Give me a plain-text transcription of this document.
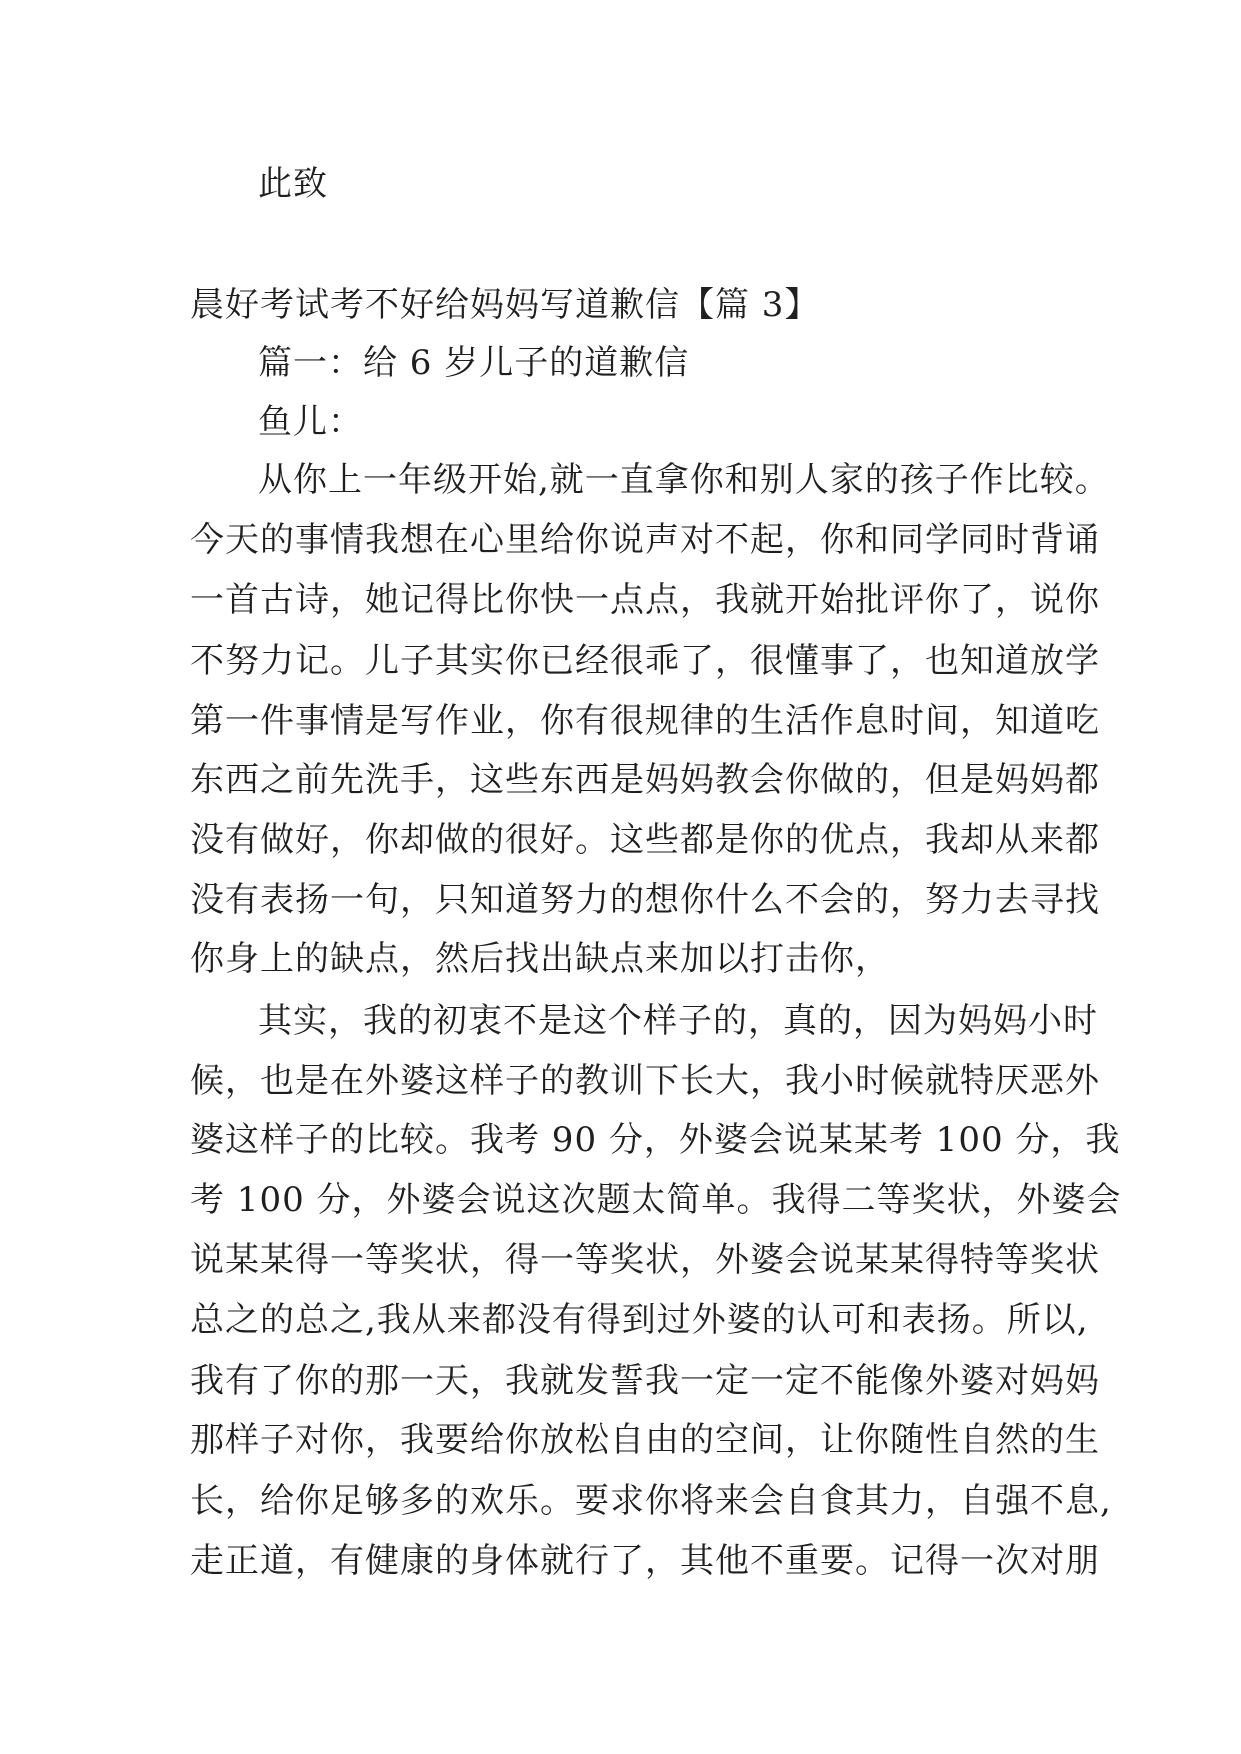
此致
晨好考试考不好给妈妈写道歉信【篇 3】
篇一：给 6 岁儿子的道歉信
鱼儿：
从你上一年级开始,就一直拿你和别人家的孩子作比较。
今天的事情我想在心里给你说声对不起，你和同学同时背诵
一首古诗，她记得比你快一点点，我就开始批评你了，说你
不努力记。儿子其实你已经很乖了，很懂事了，也知道放学
第一件事情是写作业，你有很规律的生活作息时间，知道吃
东西之前先洗手，这些东西是妈妈教会你做的，但是妈妈都
没有做好，你却做的很好。这些都是你的优点，我却从来都
没有表扬一句，只知道努力的想你什么不会的，努力去寻找
你身上的缺点，然后找出缺点来加以打击你，
其实，我的初衷不是这个样子的，真的，因为妈妈小时
候，也是在外婆这样子的教训下长大，我小时候就特厌恶外
婆这样子的比较。我考 90 分，外婆会说某某考 100 分，我
考 100 分，外婆会说这次题太简单。我得二等奖状，外婆会
说某某得一等奖状，得一等奖状，外婆会说某某得特等奖状
总之的总之,我从来都没有得到过外婆的认可和表扬。所以,
我有了你的那一天，我就发誓我一定一定不能像外婆对妈妈
那样子对你，我要给你放松自由的空间，让你随性自然的生
长，给你足够多的欢乐。要求你将来会自食其力，自强不息,
走正道，有健康的身体就行了，其他不重要。记得一次对朋
